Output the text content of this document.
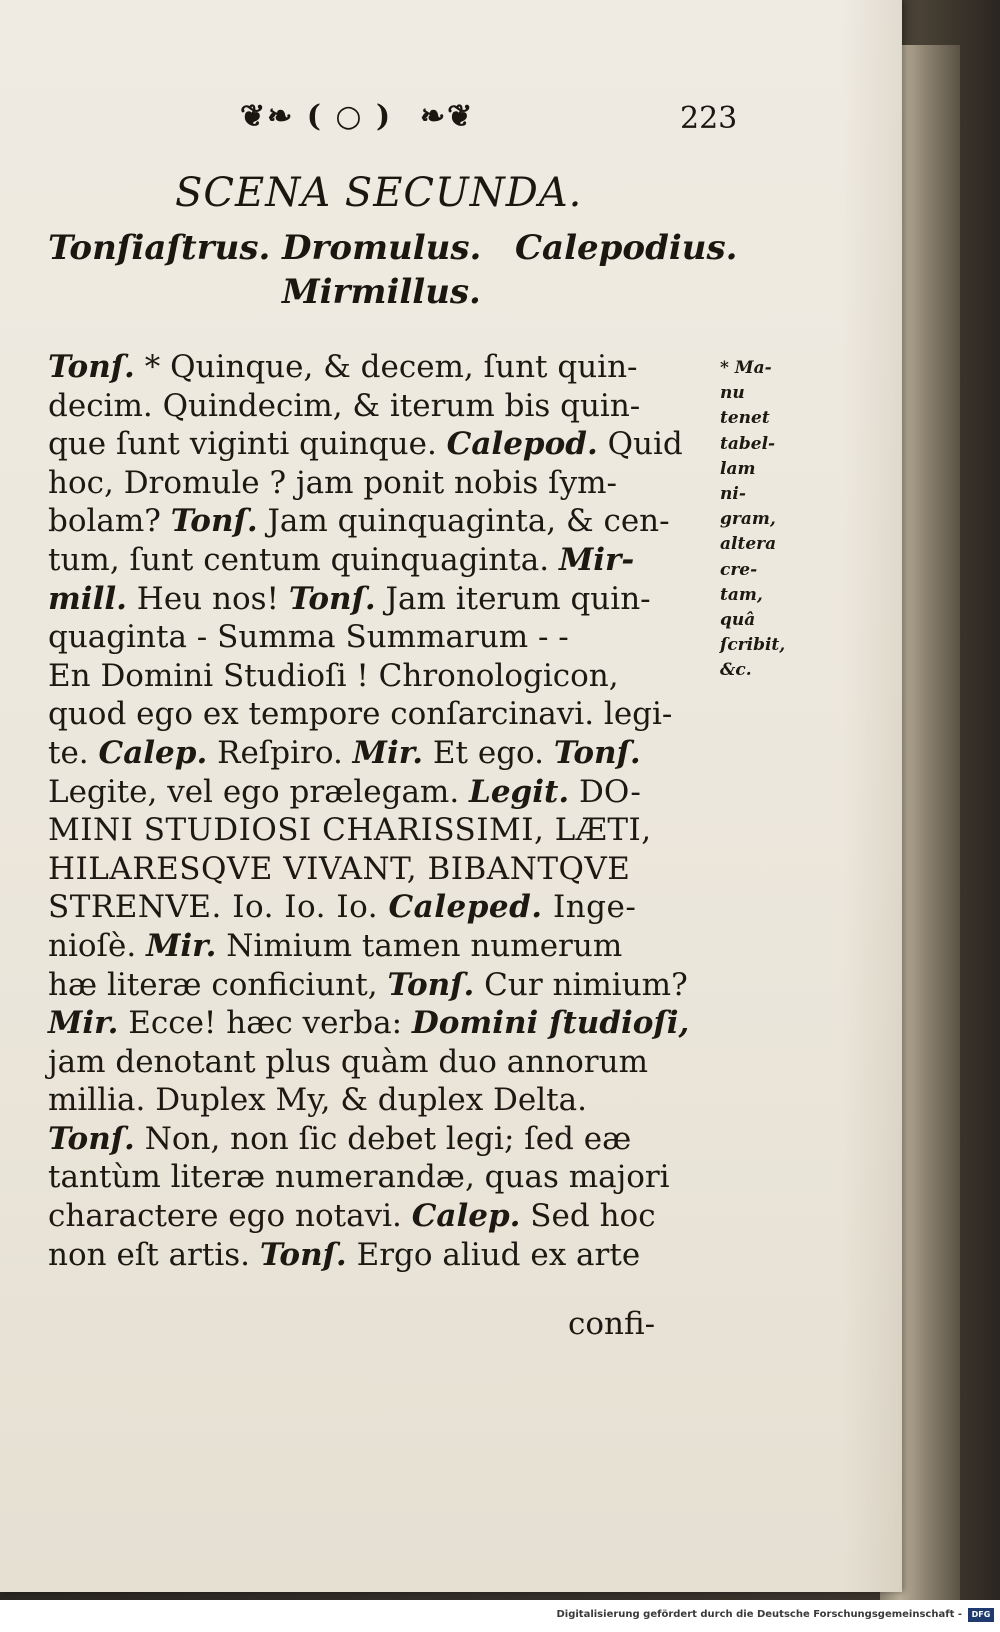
❦❧ ( ○ ) ❧❦	223
SCENA SECUNDA.
Tonſiaſtrus. Dromulus. Calepodius.
Mirmillus.
Tonſ. * Quinque, & decem, ſunt quin-
decim. Quindecim, & iterum bis quin-
que ſunt viginti quinque. Calepod. Quid
hoc, Dromule ? jam ponit nobis ſym-
bolam? Tonſ. Jam quinquaginta, & cen-
tum, ſunt centum quinquaginta. Mir-
mill. Heu nos! Tonſ. Jam iterum quin-
quaginta - Summa Summarum - -
En Domini Studioſi ! Chronologicon,
quod ego ex tempore conſarcinavi. legi-
te. Calep. Reſpiro. Mir. Et ego. Tonſ.
Legite, vel ego prælegam. Legit. DO-
MINI STUDIOSI CHARISSIMI, LÆTI,
HILARESQVE VIVANT, BIBANTQVE
STRENVE. Io. Io. Io. Caleped. Inge-
nioſè. Mir. Nimium tamen numerum
hæ literæ conficiunt, Tonſ. Cur nimium?
Mir. Ecce! hæc verba: Domini ſtudioſi,
jam denotant plus quàm duo annorum
millia. Duplex My, & duplex Delta.
Tonſ. Non, non ſic debet legi; ſed eæ
tantùm literæ numerandæ, quas majori
charactere ego notavi. Calep. Sed hoc
non eſt artis. Tonſ. Ergo aliud ex arte
confi-
* Ma-
nu
tenet
tabel-
lam
ni-
gram,
altera
cre-
tam,
quâ
ſcribit,
&c.
Digitalisierung gefördert durch die Deutsche Forschungsgemeinschaft -	DFG
